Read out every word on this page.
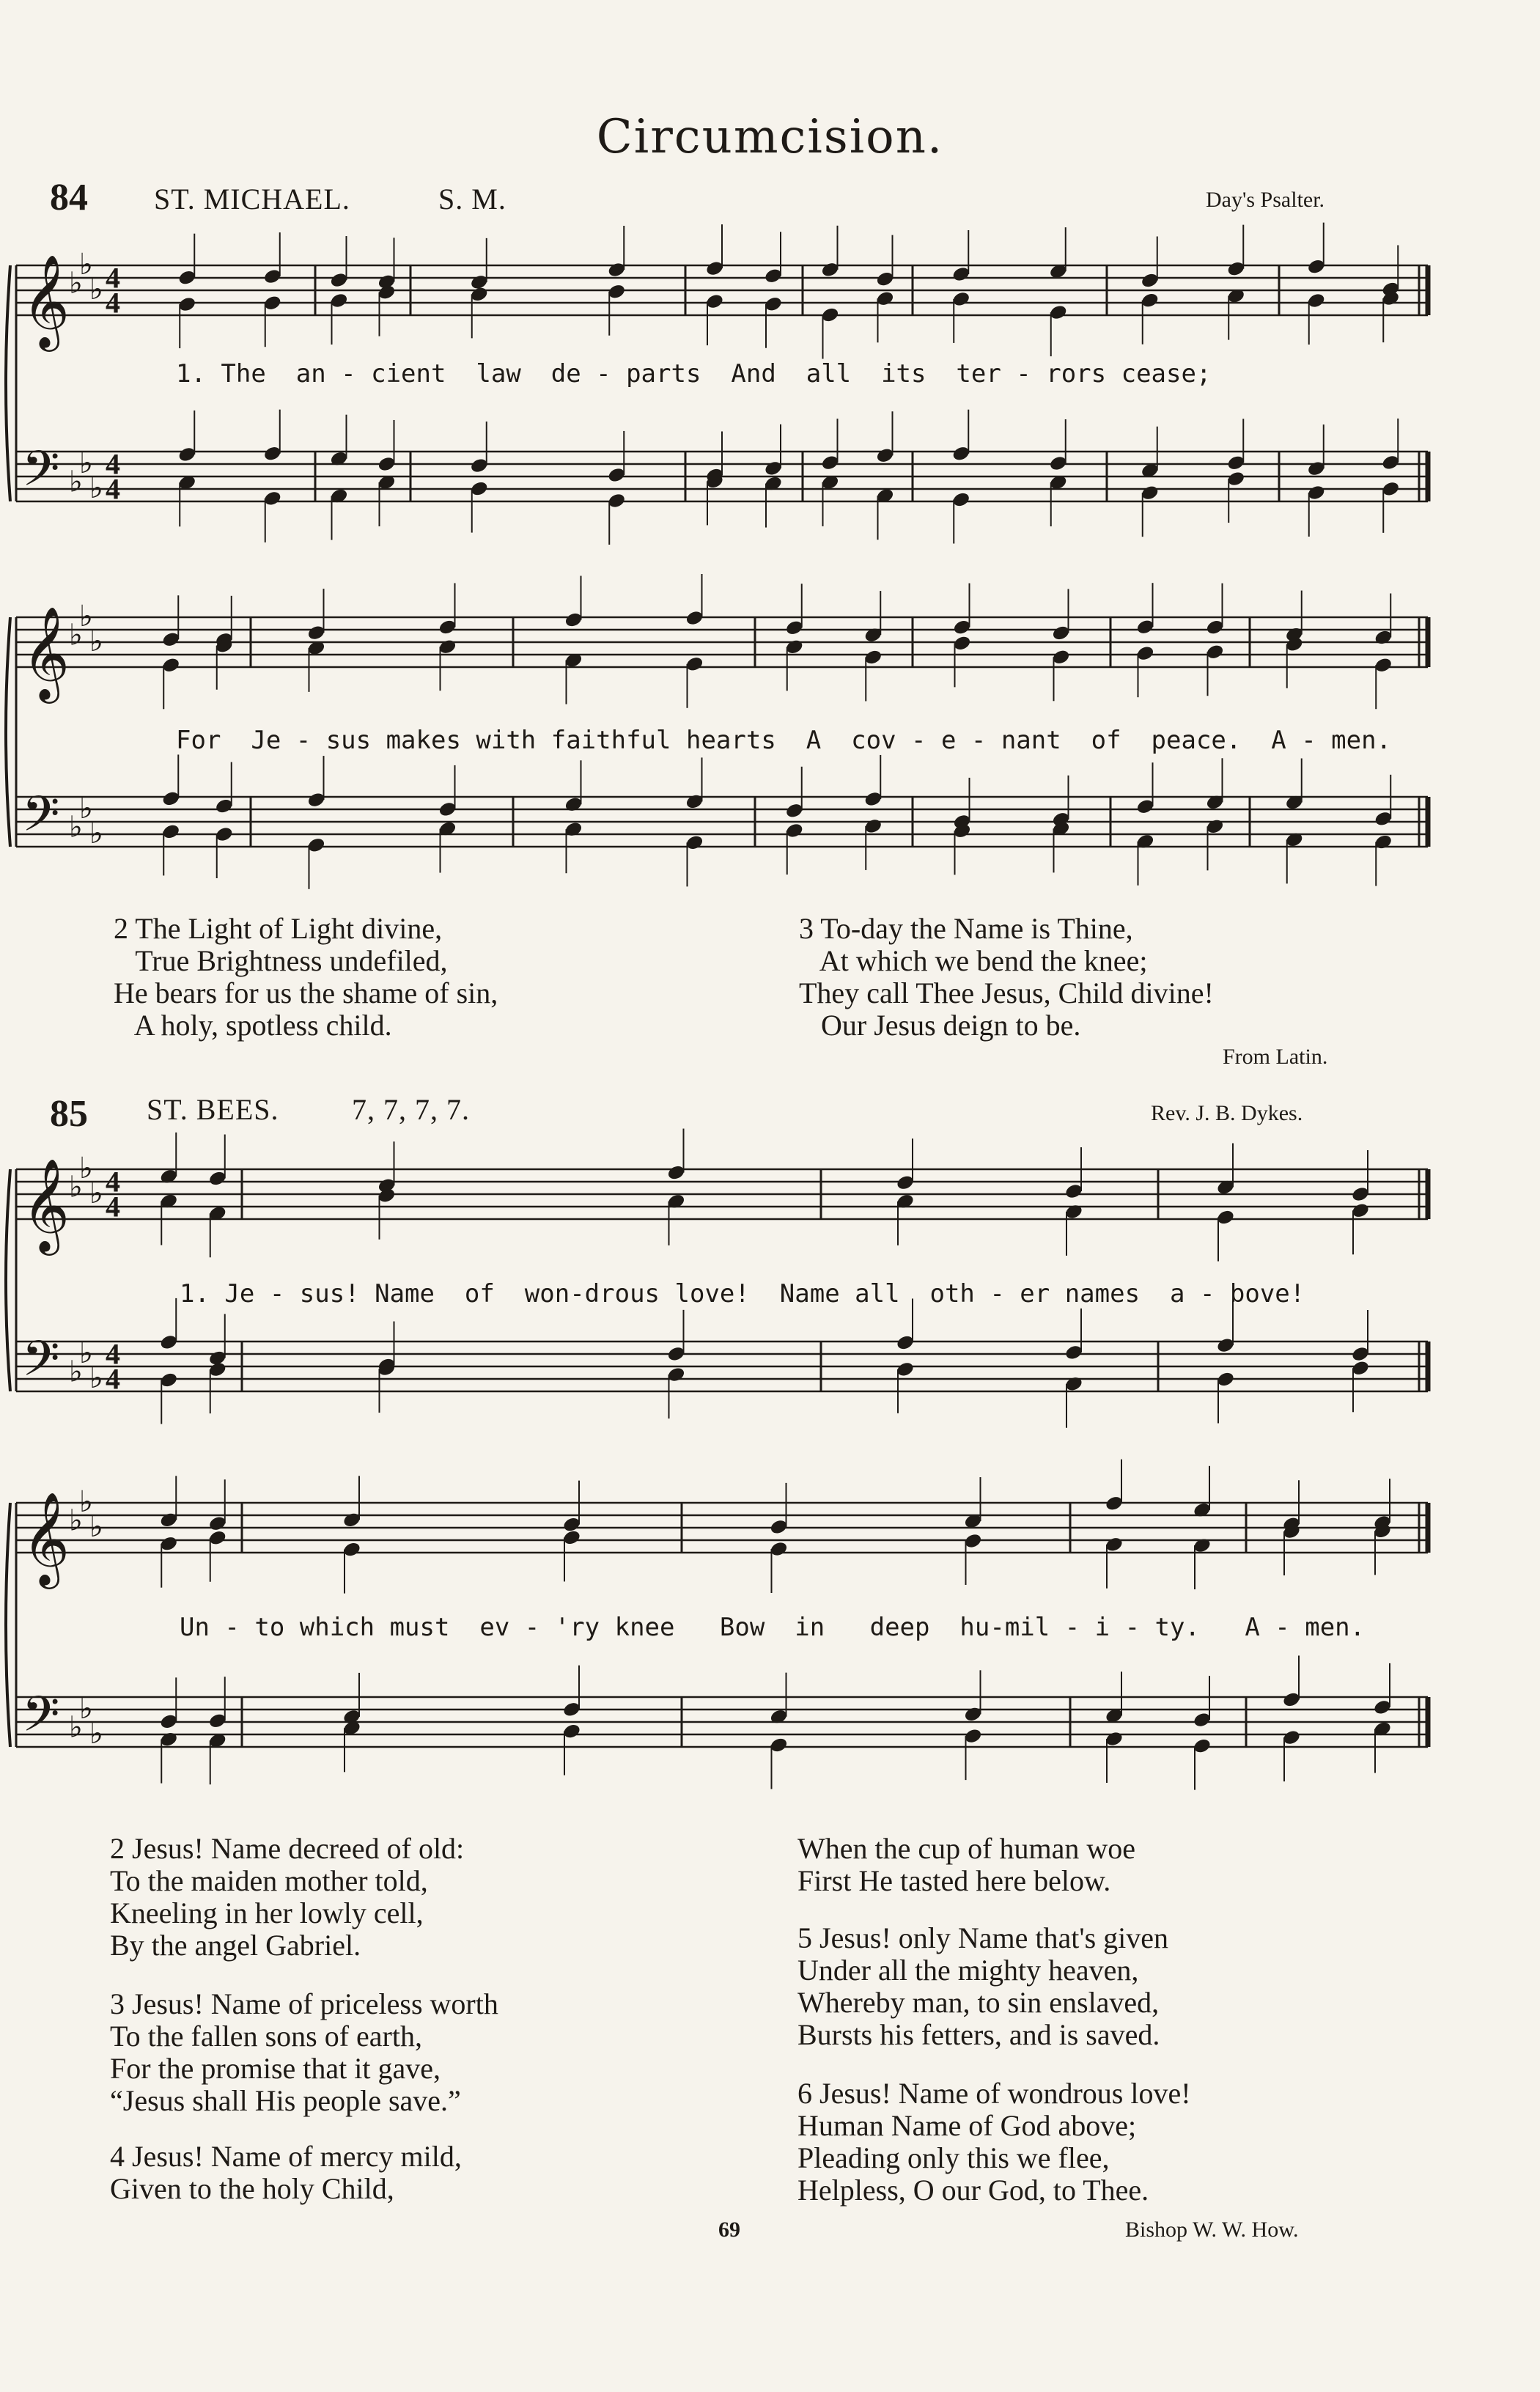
Circumcision.
84 ST. MICHAEL.	S. M.	Day's Psalter.
𝄞
𝄢
♭
♭
♭
♭
♭
♭
4
4
4
4
𝄞
𝄢
♭
♭
♭
♭
♭
♭
𝄞
𝄢
♭
♭
♭
♭
♭
♭
4
4
4
4
𝄞
𝄢
♭
♭
♭
♭
♭
♭
1. The  an - cient  law  de - parts  And  all  its  ter - rors cease;
For  Je - sus makes with faithful hearts  A  cov - e - nant  of  peace.  A - men.
2 The Light of Light divine,
True Brightness undefiled,
He bears for us the shame of sin,
A holy, spotless child.
3 To-day the Name is Thine,
At which we bend the knee;
They call Thee Jesus, Child divine!
Our Jesus deign to be.
From Latin.
85 ST. BEES. 7, 7, 7, 7.	Rev. J. B. Dykes.
1. Je - sus! Name  of  won-drous love!  Name all  oth - er names  a - bove!
Un - to which must  ev - 'ry knee   Bow  in   deep  hu-mil - i - ty.   A - men.
2 Jesus! Name decreed of old:
To the maiden mother told,
Kneeling in her lowly cell,
By the angel Gabriel.
3 Jesus! Name of priceless worth
To the fallen sons of earth,
For the promise that it gave,
“Jesus shall His people save.”
4 Jesus! Name of mercy mild,
Given to the holy Child,
When the cup of human woe
First He tasted here below.
5 Jesus! only Name that's given
Under all the mighty heaven,
Whereby man, to sin enslaved,
Bursts his fetters, and is saved.
6 Jesus! Name of wondrous love!
Human Name of God above;
Pleading only this we flee,
Helpless, O our God, to Thee.
69	Bishop W. W. How.
